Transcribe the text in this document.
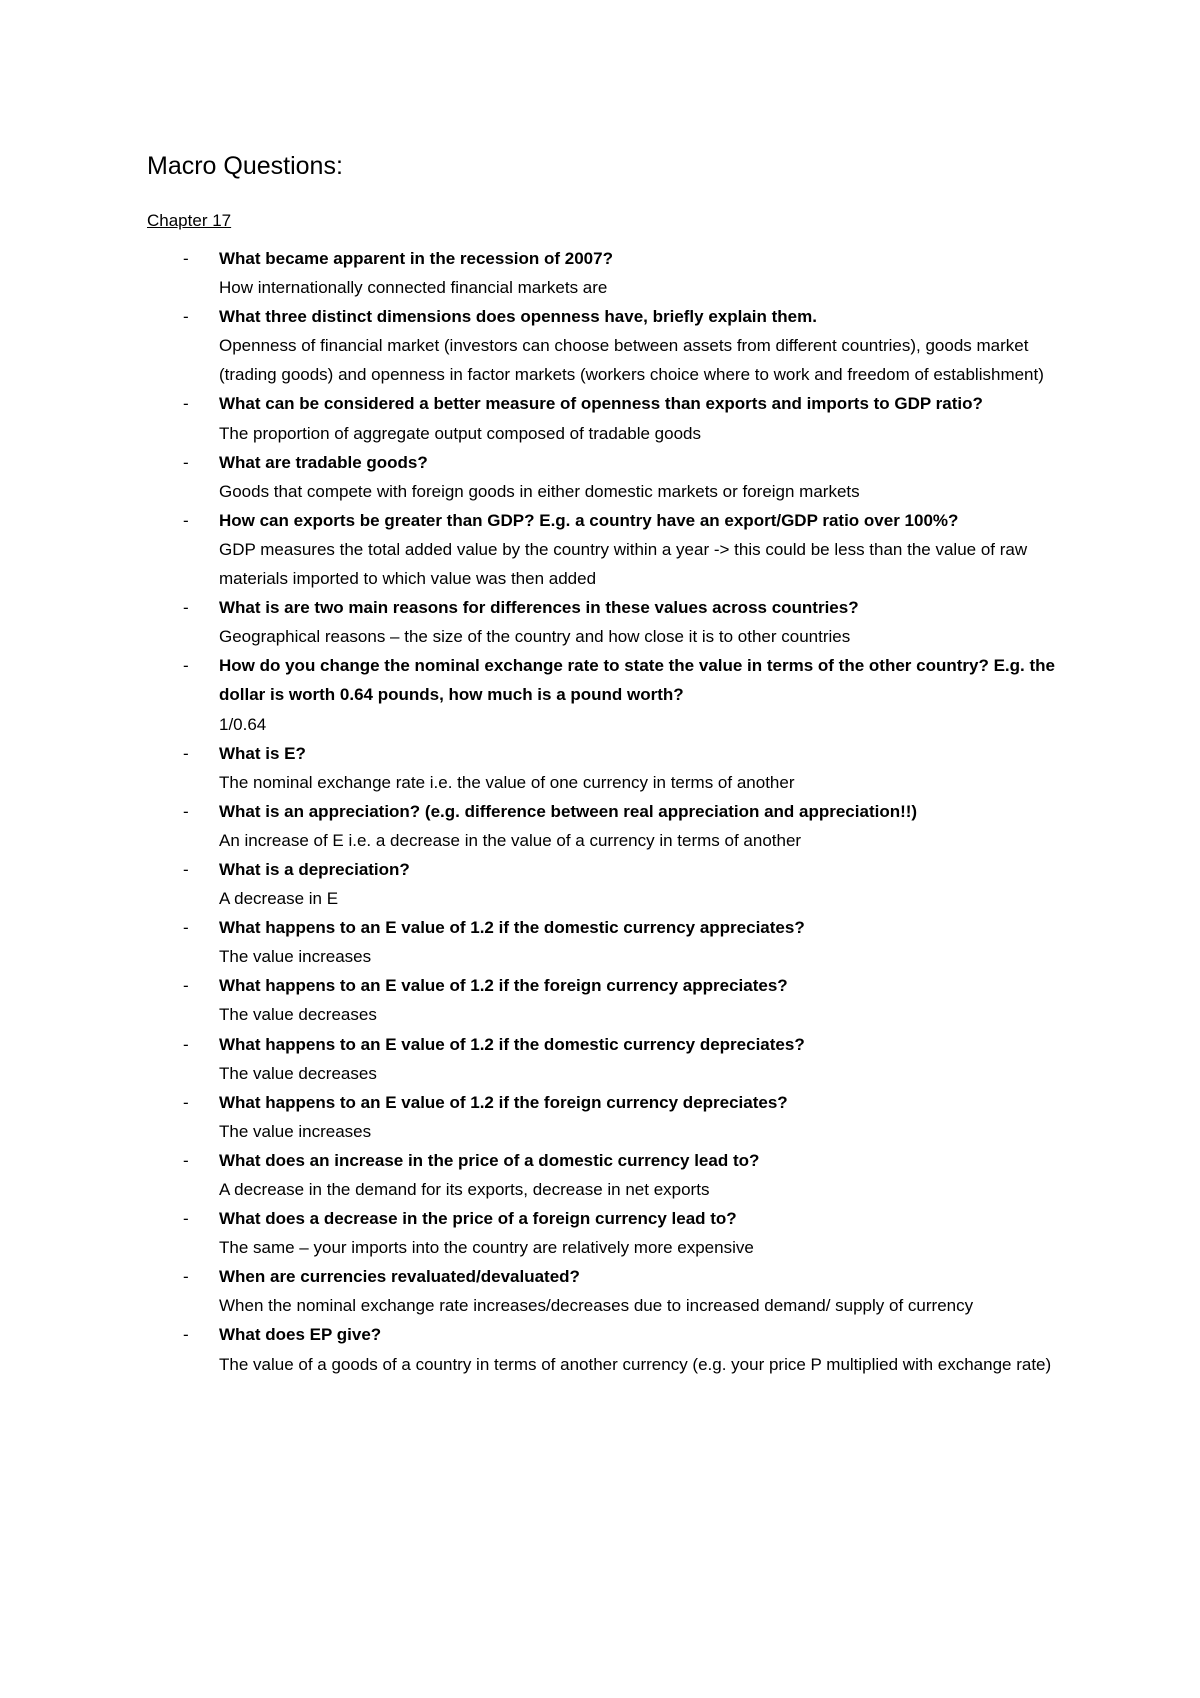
Macro Questions:
Chapter 17
- What became apparent in the recession of 2007?
How internationally connected financial markets are
- What three distinct dimensions does openness have, briefly explain them.
Openness of financial market (investors can choose between assets from different countries), goods market (trading goods) and openness in factor markets (workers choice where to work and freedom of establishment)
- What can be considered a better measure of openness than exports and imports to GDP ratio?
The proportion of aggregate output composed of tradable goods
- What are tradable goods?
Goods that compete with foreign goods in either domestic markets or foreign markets
- How can exports be greater than GDP? E.g. a country have an export/GDP ratio over 100%?
GDP measures the total added value by the country within a year -> this could be less than the value of raw materials imported to which value was then added
- What is are two main reasons for differences in these values across countries?
Geographical reasons – the size of the country and how close it is to other countries
- How do you change the nominal exchange rate to state the value in terms of the other country? E.g. the dollar is worth 0.64 pounds, how much is a pound worth?
1/0.64
- What is E?
The nominal exchange rate i.e. the value of one currency in terms of another
- What is an appreciation? (e.g. difference between real appreciation and appreciation!!)
An increase of E i.e. a decrease in the value of a currency in terms of another
- What is a depreciation?
A decrease in E
- What happens to an E value of 1.2 if the domestic currency appreciates?
The value increases
- What happens to an E value of 1.2 if the foreign currency appreciates?
The value decreases
- What happens to an E value of 1.2 if the domestic currency depreciates?
The value decreases
- What happens to an E value of 1.2 if the foreign currency depreciates?
The value increases
- What does an increase in the price of a domestic currency lead to?
A decrease in the demand for its exports, decrease in net exports
- What does a decrease in the price of a foreign currency lead to?
The same – your imports into the country are relatively more expensive
- When are currencies revaluated/devaluated?
When the nominal exchange rate increases/decreases due to increased demand/ supply of currency
- What does EP give?
The value of a goods of a country in terms of another currency (e.g. your price P multiplied with exchange rate)
